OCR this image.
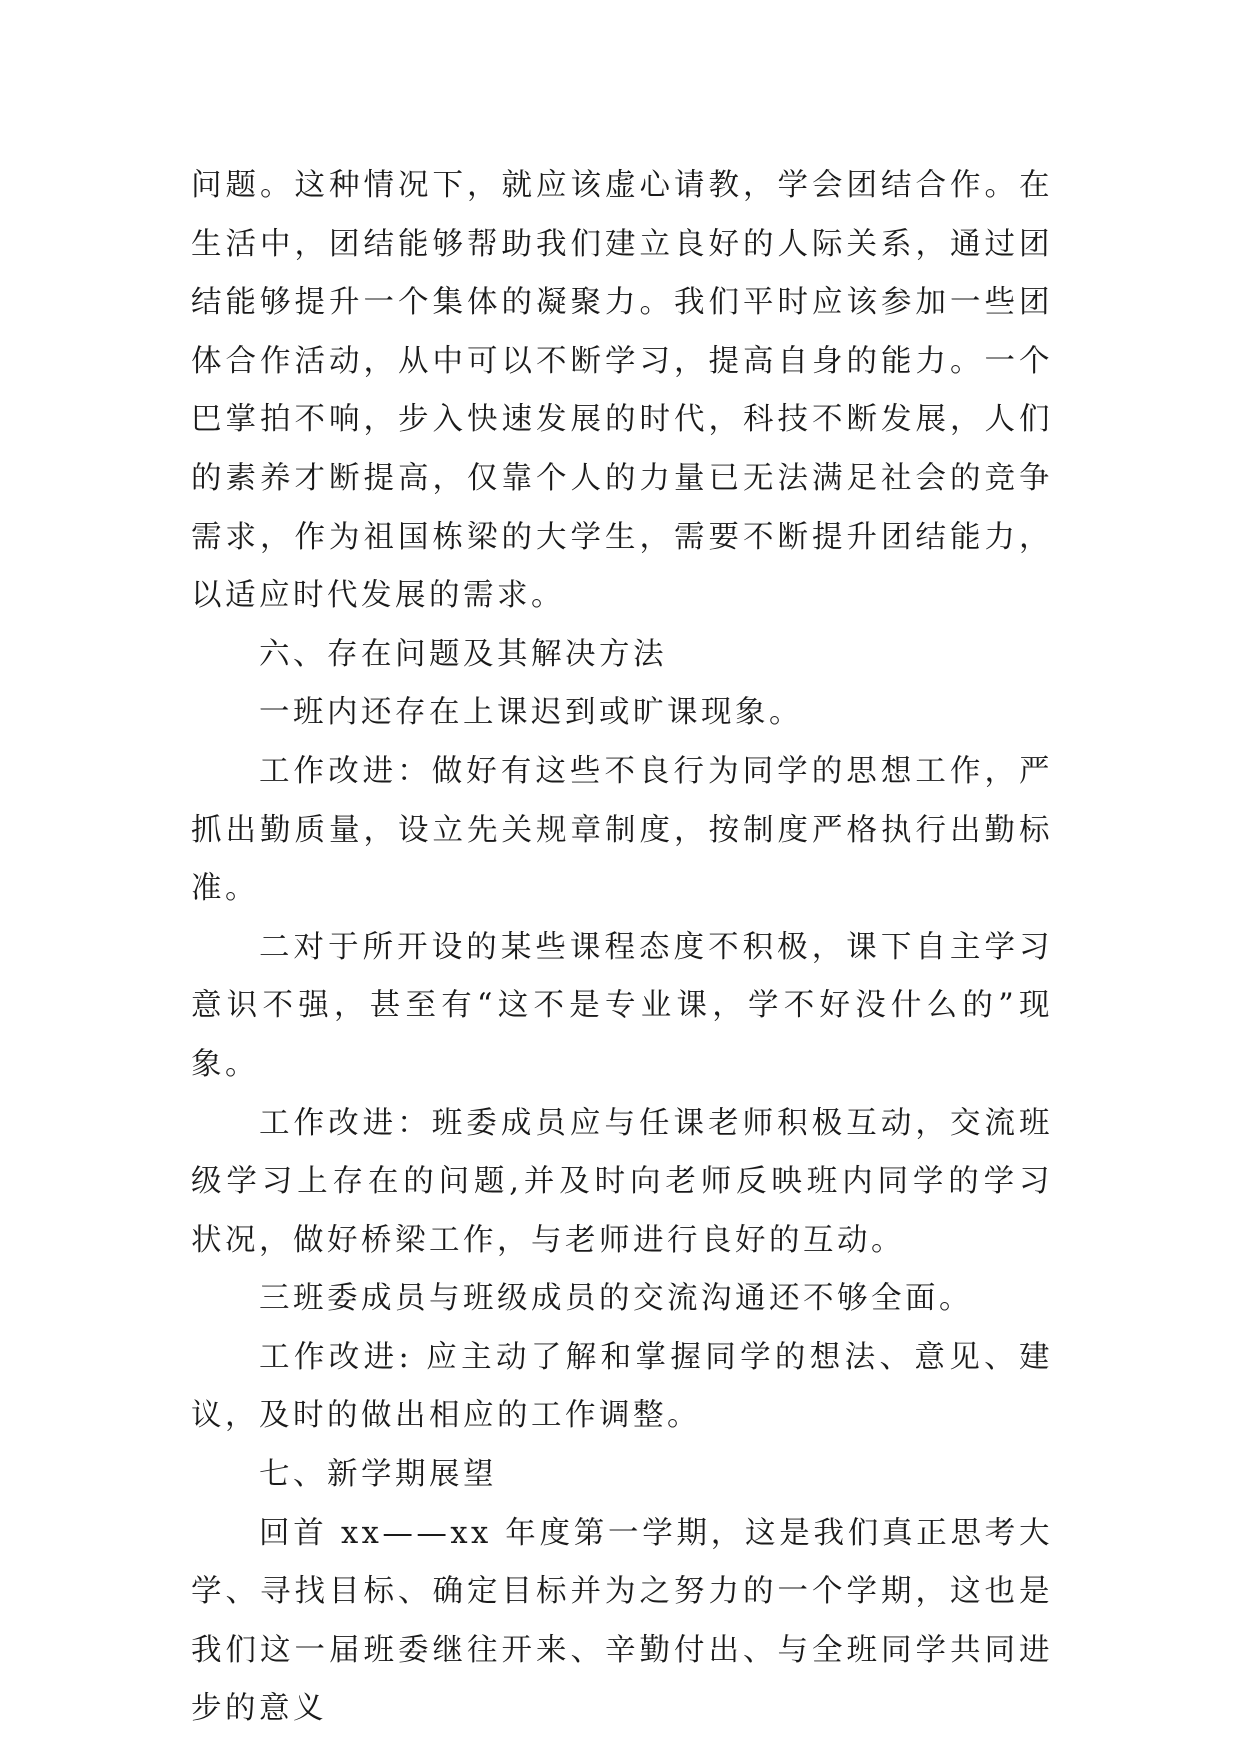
问题。这种情况下，就应该虚心请教，学会团结合作。在生活中，团结能够帮助我们建立良好的人际关系，通过团结能够提升一个集体的凝聚力。我们平时应该参加一些团体合作活动，从中可以不断学习，提高自身的能力。一个巴掌拍不响，步入快速发展的时代，科技不断发展，人们的素养才断提高，仅靠个人的力量已无法满足社会的竞争需求，作为祖国栋梁的大学生，需要不断提升团结能力，以适应时代发展的需求。

六、存在问题及其解决方法

一班内还存在上课迟到或旷课现象。

工作改进：做好有这些不良行为同学的思想工作，严抓出勤质量，设立先关规章制度，按制度严格执行出勤标准。

二对于所开设的某些课程态度不积极，课下自主学习意识不强，甚至有“这不是专业课，学不好没什么的”现象。

工作改进：班委成员应与任课老师积极互动，交流班级学习上存在的问题,并及时向老师反映班内同学的学习状况，做好桥梁工作，与老师进行良好的互动。

三班委成员与班级成员的交流沟通还不够全面。

工作改进: 应主动了解和掌握同学的想法、意见、建议，及时的做出相应的工作调整。

七、新学期展望

回首 xx——xx 年度第一学期，这是我们真正思考大学、寻找目标、确定目标并为之努力的一个学期，这也是我们这一届班委继往开来、辛勤付出、与全班同学共同进步的意义
